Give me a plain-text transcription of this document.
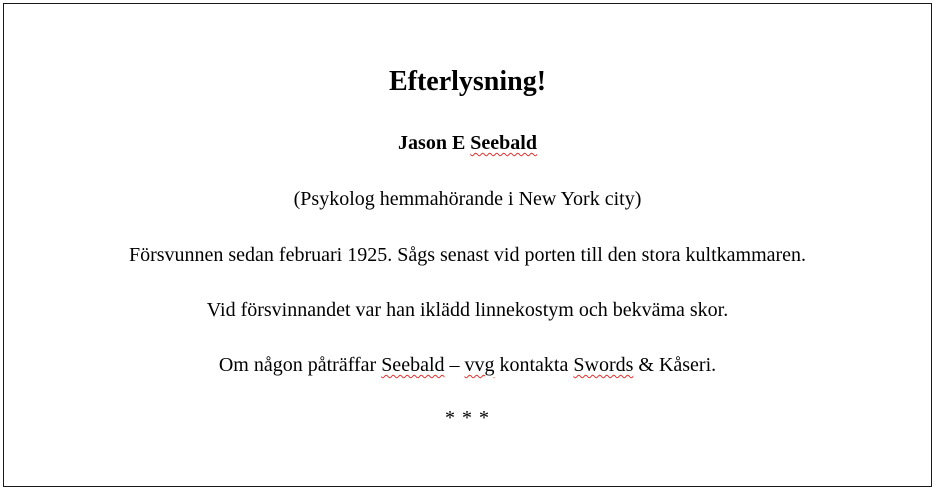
Efterlysning!
Jason E Seebald
(Psykolog hemmahörande i New York city)
Försvunnen sedan februari 1925. Sågs senast vid porten till den stora kultkammaren.
Vid försvinnandet var han iklädd linnekostym och bekväma skor.
Om någon påträffar Seebald – vvg kontakta Swords & Kåseri.
* * *
